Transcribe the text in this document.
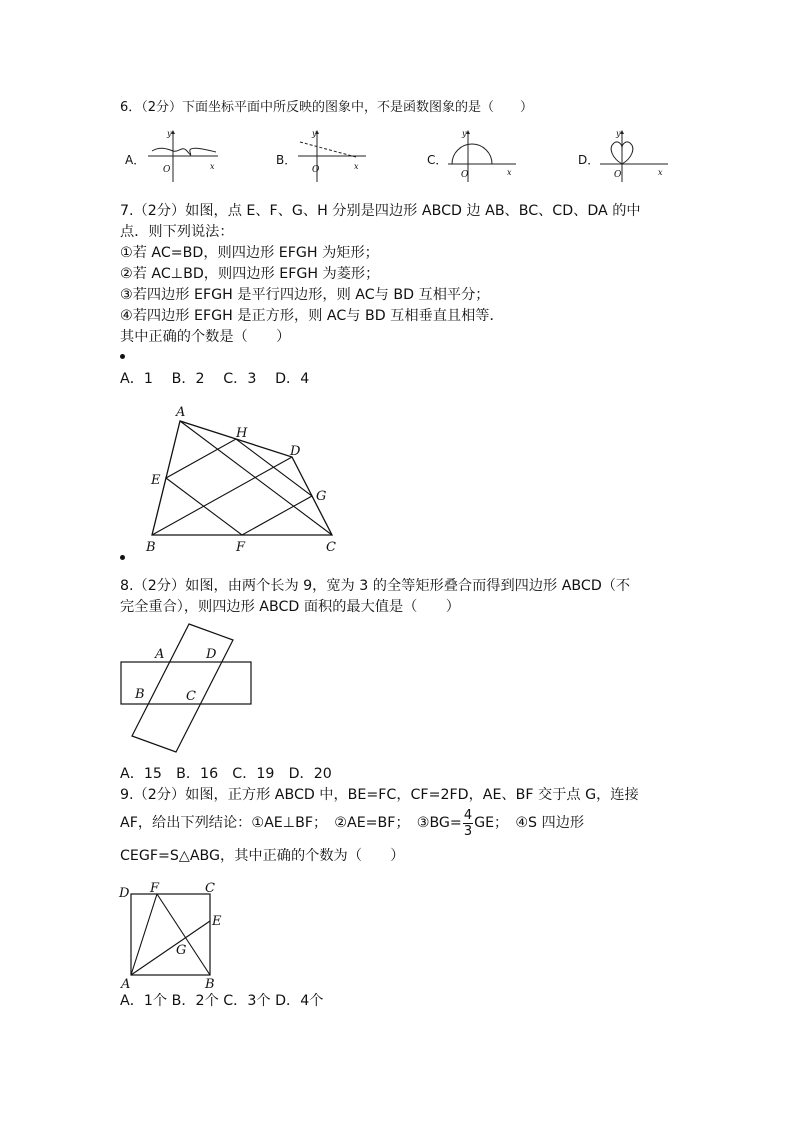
6．（2分）下面坐标平面中所反映的图象中，不是函数图象的是（　　）
A．
y
x
O
B．
y
x
O
C．
y
x
O
D．
y
x
O
7.（2分）如图，点 E、F、G、H 分别是四边形 ABCD 边 AB、BC、CD、DA 的中
点．则下列说法：
①若 AC=BD，则四边形 EFGH 为矩形；
②若 AC⊥BD，则四边形 EFGH 为菱形；
③若四边形 EFGH 是平行四边形，则 AC与 BD 互相平分；
④若四边形 EFGH 是正方形，则 AC与 BD 互相垂直且相等．
其中正确的个数是（　　）
A．1　 B．2　 C．3　 D．4
A
B	C
D
E
F
G
H
8.（2分）如图，由两个长为 9，宽为 3 的全等矩形叠合而得到四边形 ABCD（不
完全重合），则四边形 ABCD 面积的最大值是（　　）
A	D
B	C
A．15　B．16　C．19　D．20
9.（2分）如图，正方形 ABCD 中，BE=FC，CF=2FD，AE、BF 交于点 G，连接
AF，给出下列结论：①AE⊥BF；　②AE=BF；　③BG= $\frac{4}{3}$ GE；　④S 四边形
CEGF=S△ABG，其中正确的个数为（　　）
D F	C
E
G
A	B
A．1个 B．2个 C．3个 D．4个
